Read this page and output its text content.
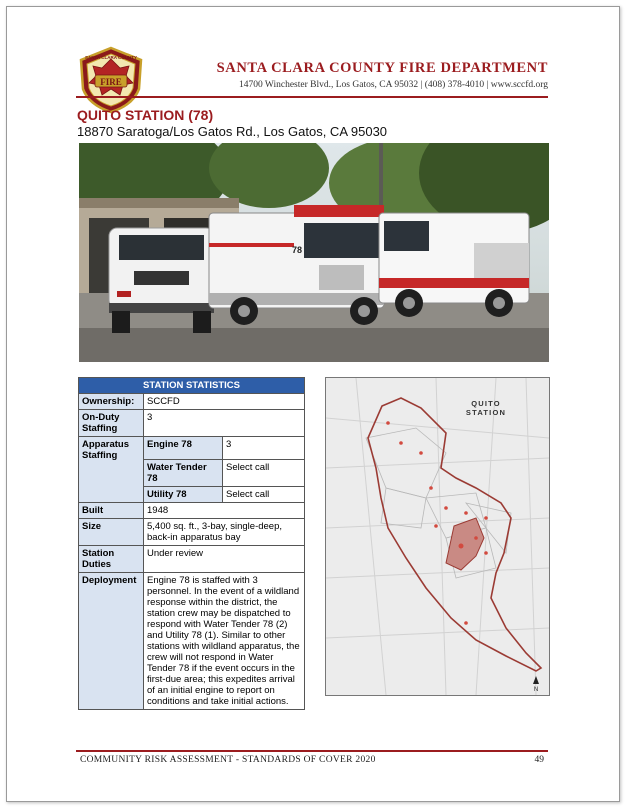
FIRE
SANTA CLARA COUNTY
SANTA CLARA COUNTY FIRE DEPARTMENT
14700 Winchester Blvd., Los Gatos, CA 95032 | (408) 378-4010 | www.sccfd.org
QUITO STATION (78)
18870 Saratoga/Los Gatos Rd., Los Gatos, CA 95030
78
STATION STATISTICS		
Ownership:	SCCFD	
On-Duty Staffing	3	
Apparatus Staffing	Engine 78	3
	Water Tender 78	Select call
	Utility 78	Select call
Built	1948	
Size	5,400 sq. ft., 3-bay, single-deep, back-in apparatus bay	
Station Duties	Under review	
Deployment	Engine 78 is staffed with 3 personnel. In the event of a wildland response within the district, the station crew may be dispatched to respond with Water Tender 78 (2) and Utility 78 (1). Similar to other stations with wildland apparatus, the crew will not respond in Water Tender 78 if the event occurs in the first-due area; this expedites arrival of an initial engine to report on conditions and take initial actions.	
QUITO
STATION
N
COMMUNITY RISK ASSESSMENT - STANDARDS OF COVER 2020	49
